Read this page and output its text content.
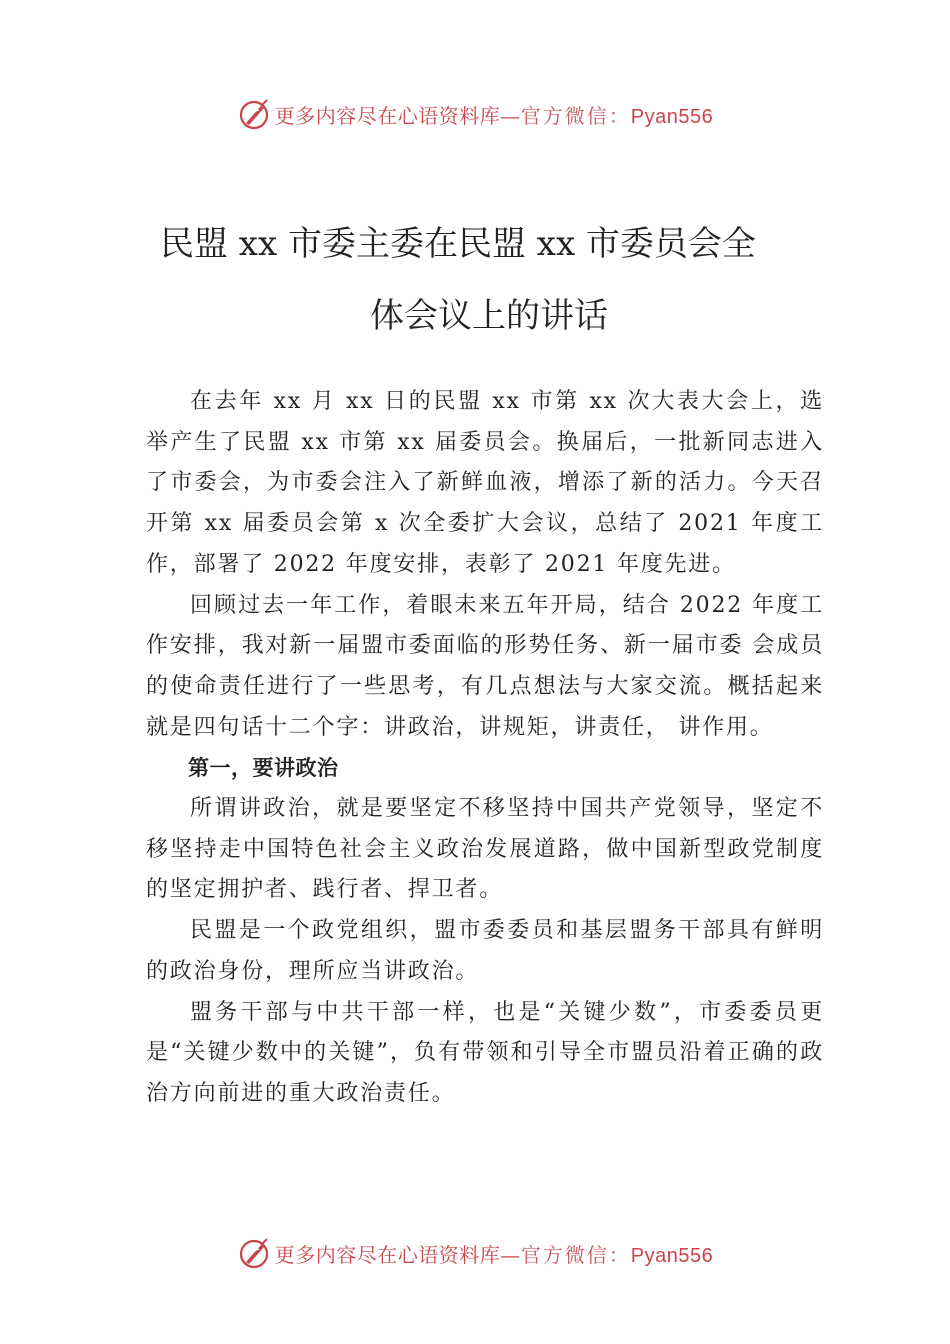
更多内容尽在心语资料库—官方微信：Pyan556
民盟 xx 市委主委在民盟 xx 市委员会全
体会议上的讲话

在去年 xx 月 xx 日的民盟 xx 市第 xx 次大表大会上，选举产生了民盟 xx 市第 xx 届委员会。换届后，一批新同志进入了市委会，为市委会注入了新鲜血液，增添了新的活力。今天召开第 xx 届委员会第 x 次全委扩大会议，总结了 2021 年度工作，部署了 2022 年度安排，表彰了 2021 年度先进。

回顾过去一年工作，着眼未来五年开局，结合 2022 年度工作安排，我对新一届盟市委面临的形势任务、新一届市委 会成员的使命责任进行了一些思考，有几点想法与大家交流。概括起来就是四句话十二个字：讲政治，讲规矩，讲责任， 讲作用。

第一，要讲政治

所谓讲政治，就是要坚定不移坚持中国共产党领导，坚定不移坚持走中国特色社会主义政治发展道路，做中国新型政党制度的坚定拥护者、践行者、捍卫者。

民盟是一个政党组织，盟市委委员和基层盟务干部具有鲜明的政治身份，理所应当讲政治。

盟务干部与中共干部一样，也是“关键少数”，市委委员更是“关键少数中的关键”，负有带领和引导全市盟员沿着正确的政治方向前进的重大政治责任。

更多内容尽在心语资料库—官方微信：Pyan556
